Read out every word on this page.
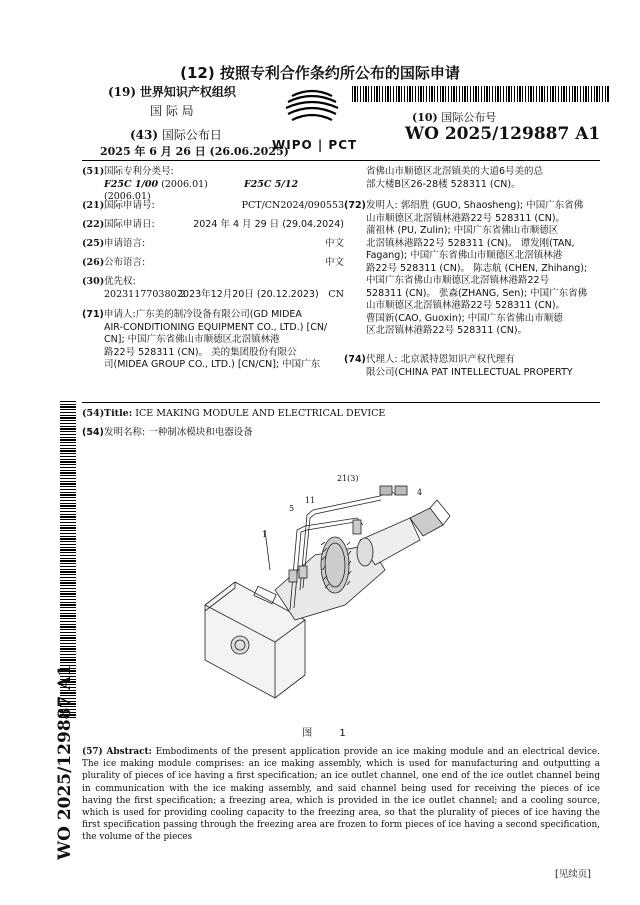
(12) 按照专利合作条约所公布的国际申请
(19) 世界知识产权组织
国 际 局
(43) 国际公布日
2025 年 6 月 26 日 (26.06.2025)
WIPO | PCT
(10) 国际公布号
WO 2025/129887 A1
(51)国际专利分类号:
F25C 1/00 (2006.01)	F25C 5/12 (2006.01)
(21)国际申请号:	PCT/CN2024/090553
(22)国际申请日:	2024 年 4 月 29 日 (29.04.2024)
(25)申请语言:	中文
(26)公布语言:	中文
(30)优先权:
202311770380.2
2023年12月20日 (20.12.2023) CN
(71)申请人:广东美的制冷设备有限公司(GD MIDEA
AIR-CONDITIONING EQUIPMENT CO., LTD.) [CN/
CN]; 中国广东省佛山市顺德区北滘镇林港
路22号 528311 (CN)。 美的集团股份有限公
司(MIDEA GROUP CO., LTD.) [CN/CN]; 中国广东
省佛山市顺德区北滘镇美的大道6号美的总
部大楼B区26-28楼 528311 (CN)。
(72)发明人: 郭绍胜 (GUO, Shaosheng); 中国广东省佛
山市顺德区北滘镇林港路22号 528311 (CN)。
蒲祖林 (PU, Zulin); 中国广东省佛山市顺德区
北滘镇林港路22号 528311 (CN)。 谭发刚(TAN,
Fagang); 中国广东省佛山市顺德区北滘镇林港
路22号 528311 (CN)。 陈志航 (CHEN, Zhihang);
中国广东省佛山市顺德区北滘镇林港路22号
528311 (CN)。 张森(ZHANG, Sen); 中国广东省佛
山市顺德区北滘镇林港路22号 528311 (CN)。
曹国新(CAO, Guoxin); 中国广东省佛山市顺德
区北滘镇林港路22号 528311 (CN)。
(74)代理人: 北京派特恩知识产权代理有
限公司(CHINA PAT INTELLECTUAL PROPERTY
WO 2025/129887 A1
(54)Title: ICE MAKING MODULE AND ELECTRICAL DEVICE
(54)发明名称: 一种制冰模块和电器设备
21(3)
4
11
5
1
图 1
(57) Abstract: Embodiments of the present application provide an ice making module and an electrical device. The ice making module comprises: an ice making assembly, which is used for manufacturing and outputting a plurality of pieces of ice having a first specification; an ice outlet channel, one end of the ice outlet channel being in communication with the ice making assembly, and said channel being used for receiving the pieces of ice having the first specification; a freezing area, which is provided in the ice outlet channel; and a cooling source, which is used for providing cooling capacity to the freezing area, so that the plurality of pieces of ice having the first specification passing through the freezing area are frozen to form pieces of ice having a second specification, the volume of the pieces
[见续页]
